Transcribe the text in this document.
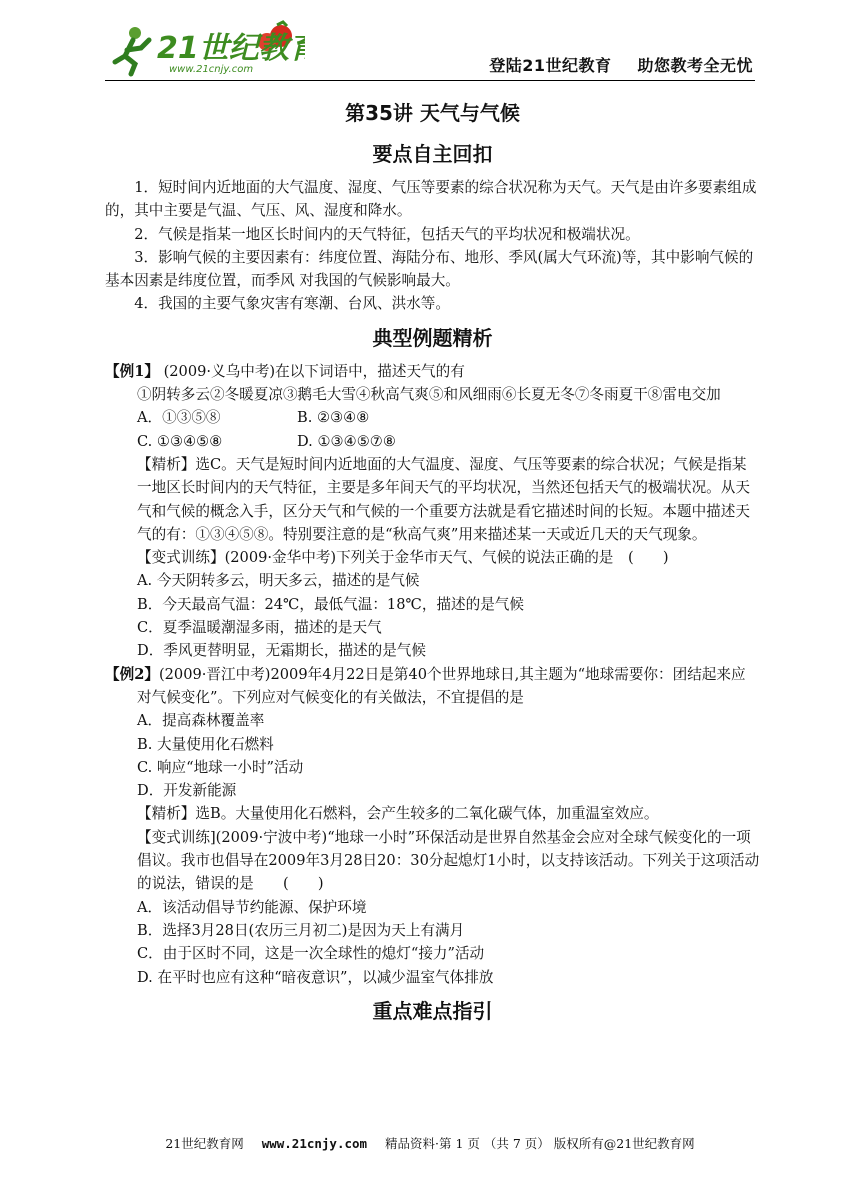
21世纪教育
www.21cnjy.com	登陆21世纪教育 助您教考全无忧
第35讲 天气与气候
要点自主回扣

1．短时间内近地面的大气温度、湿度、气压等要素的综合状况称为天气。天气是由许多要素组成的，其中主要是气温、气压、风、湿度和降水。

2．气候是指某一地区长时间内的天气特征，包括天气的平均状况和极端状况。

3．影响气候的主要因素有：纬度位置、海陆分布、地形、季风(属大气环流)等，其中影响气候的基本因素是纬度位置，而季风 对我国的气候影响最大。

4．我国的主要气象灾害有寒潮、台风、洪水等。

典型例题精析

【例1】 (2009·义乌中考)在以下词语中，描述天气的有

①阴转多云②冬暖夏凉③鹅毛大雪④秋高气爽⑤和风细雨⑥长夏无冬⑦冬雨夏干⑧雷电交加

A．①③⑤⑧	B. ②③④⑧
C. ①③④⑤⑧	D. ①③④⑤⑦⑧

【精析】选C。天气是短时间内近地面的大气温度、湿度、气压等要素的综合状况；气候是指某一地区长时间内的天气特征，主要是多年间天气的平均状况，当然还包括天气的极端状况。从天气和气候的概念入手，区分天气和气候的一个重要方法就是看它描述时间的长短。本题中描述天气的有：①③④⑤⑧。特别要注意的是“秋高气爽”用来描述某一天或近几天的天气现象。

【变式训练】(2009·金华中考)下列关于金华市天气、气候的说法正确的是　(　　)

A. 今天阴转多云，明天多云，描述的是气候

B．今天最高气温：24℃，最低气温：18℃，描述的是气候

C．夏季温暖潮湿多雨，描述的是天气

D．季风更替明显，无霜期长，描述的是气候

【例2】(2009·晋江中考)2009年4月22日是第40个世界地球日,其主题为“地球需要你：团结起来应对气候变化”。下列应对气候变化的有关做法，不宜提倡的是

A．提高森林覆盖率

B. 大量使用化石燃料

C. 响应“地球一小时”活动

D．开发新能源

【精析】选B。大量使用化石燃料，会产生较多的二氧化碳气体，加重温室效应。

【变式训练](2009·宁波中考)“地球一小时”环保活动是世界自然基金会应对全球气候变化的一项倡议。我市也倡导在2009年3月28日20：30分起熄灯1小时，以支持该活动。下列关于这项活动的说法，错误的是　　(　　)

A．该活动倡导节约能源、保护环境

B．选择3月28日(农历三月初二)是因为天上有满月

C．由于区时不同，这是一次全球性的熄灯“接力”活动

D. 在平时也应有这种“暗夜意识”，以减少温室气体排放

重点难点指引
21世纪教育网 www.21cnjy.com 精品资料·第 1 页 （共 7 页） 版权所有@21世纪教育网
